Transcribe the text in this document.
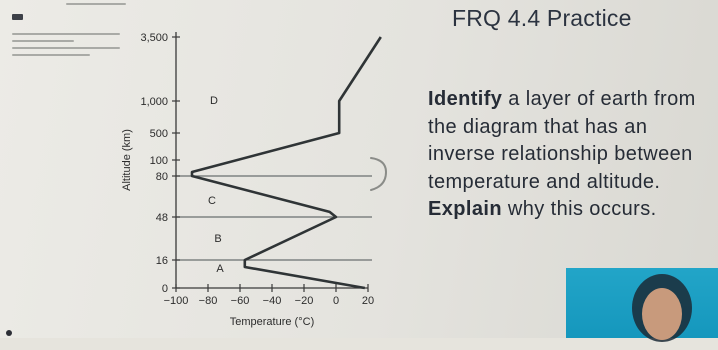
FRQ 4.4 Practice
Identify a layer of earth from the diagram that has an inverse relationship between temperature and altitude. Explain why this occurs.
0
16
48
80
100
500
1,000
3,500
−100 −80 −60 −40 −20 0 20
Temperature (°C)
Altitude (km)
A
B
C
D
